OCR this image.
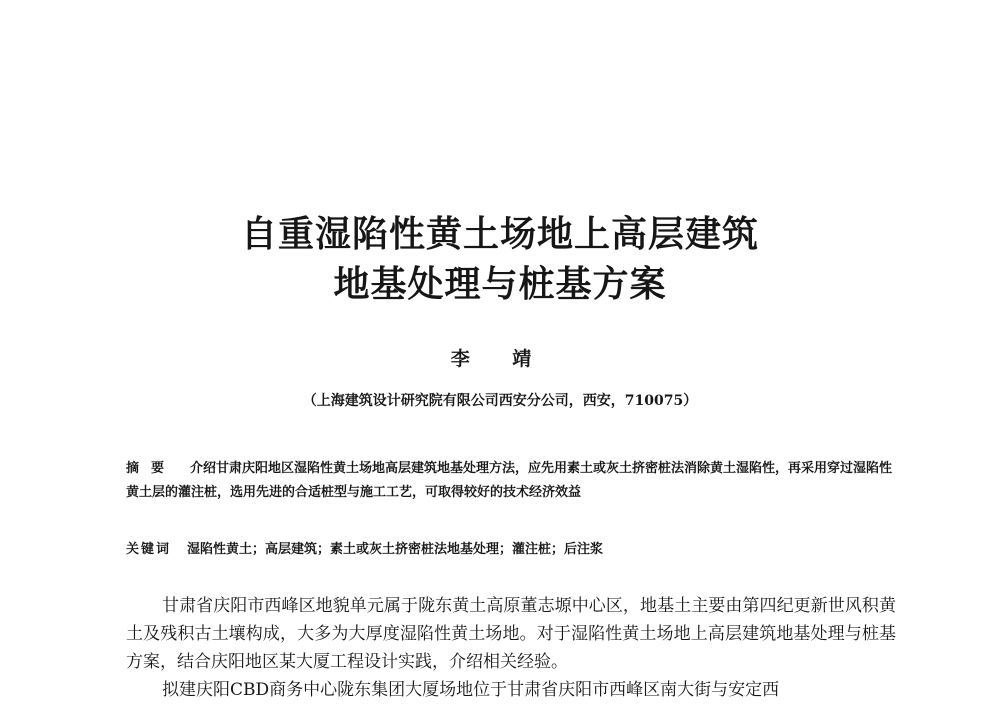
自重湿陷性黄土场地上高层建筑
地基处理与桩基方案
李 靖
（上海建筑设计研究院有限公司西安分公司，西安，710075）
摘要 介绍甘肃庆阳地区湿陷性黄土场地高层建筑地基处理方法，应先用素土或灰土挤密桩法消除黄土湿陷性，再采用穿过湿陷性黄土层的灌注桩，选用先进的合适桩型与施工工艺，可取得较好的技术经济效益
关键词 湿陷性黄土；高层建筑；素土或灰土挤密桩法地基处理；灌注桩；后注浆

甘肃省庆阳市西峰区地貌单元属于陇东黄土高原董志塬中心区，地基土主要由第四纪更新世风积黄土及残积古土壤构成，大多为大厚度湿陷性黄土场地。对于湿陷性黄土场地上高层建筑地基处理与桩基方案，结合庆阳地区某大厦工程设计实践，介绍相关经验。

拟建庆阳CBD商务中心陇东集团大厦场地位于甘肃省庆阳市西峰区南大街与安定西
